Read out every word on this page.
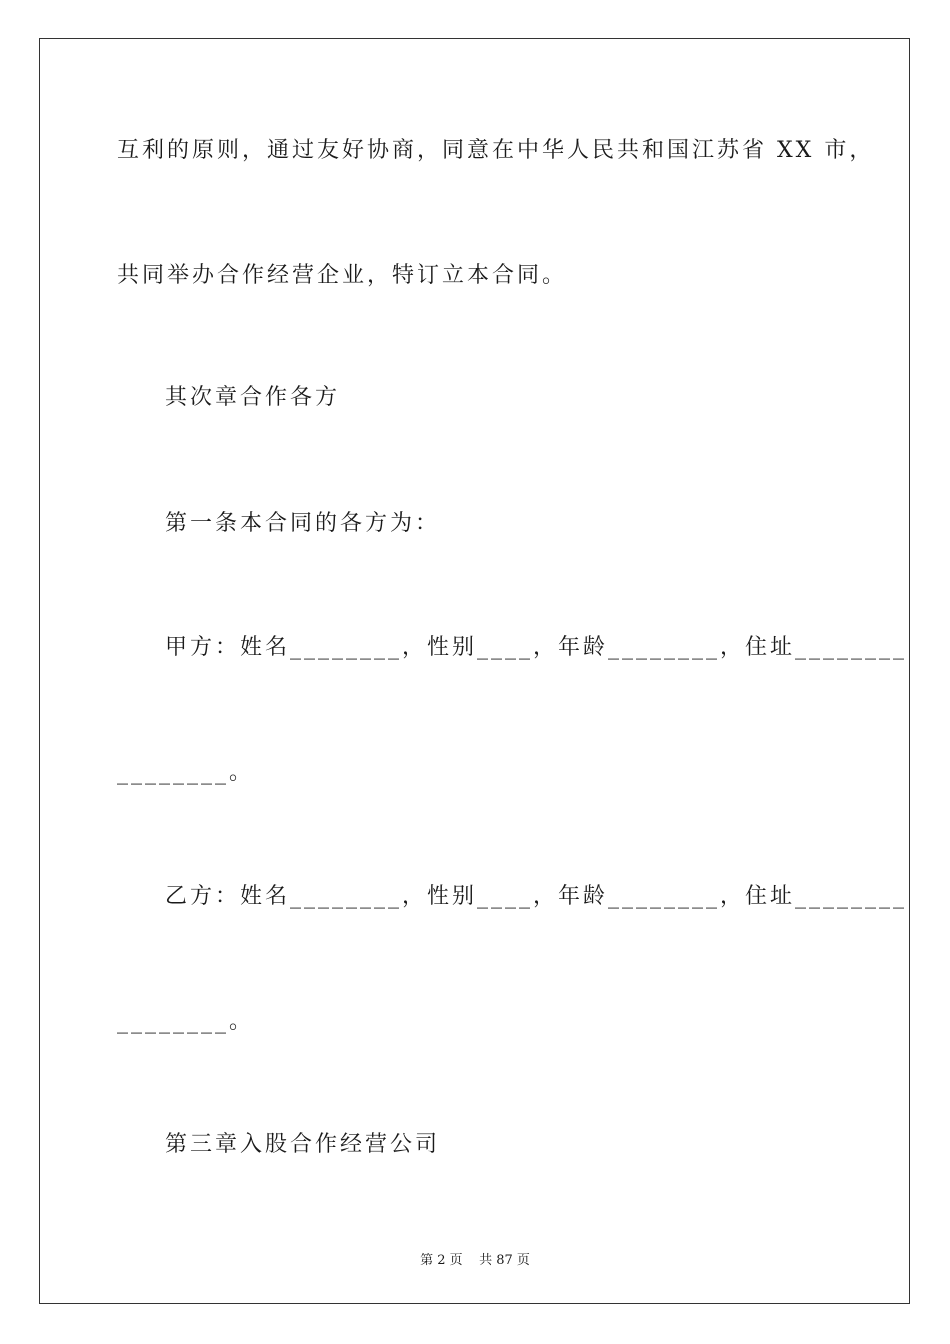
互利的原则，通过友好协商，同意在中华人民共和国江苏省 XX 市，
共同举办合作经营企业，特订立本合同。
其次章合作各方
第一条本合同的各方为：
甲方：姓名________，性别____，年龄________，住址________
________。
乙方：姓名________，性别____，年龄________，住址________
________。
第三章入股合作经营公司
第 2 页    共 87 页
